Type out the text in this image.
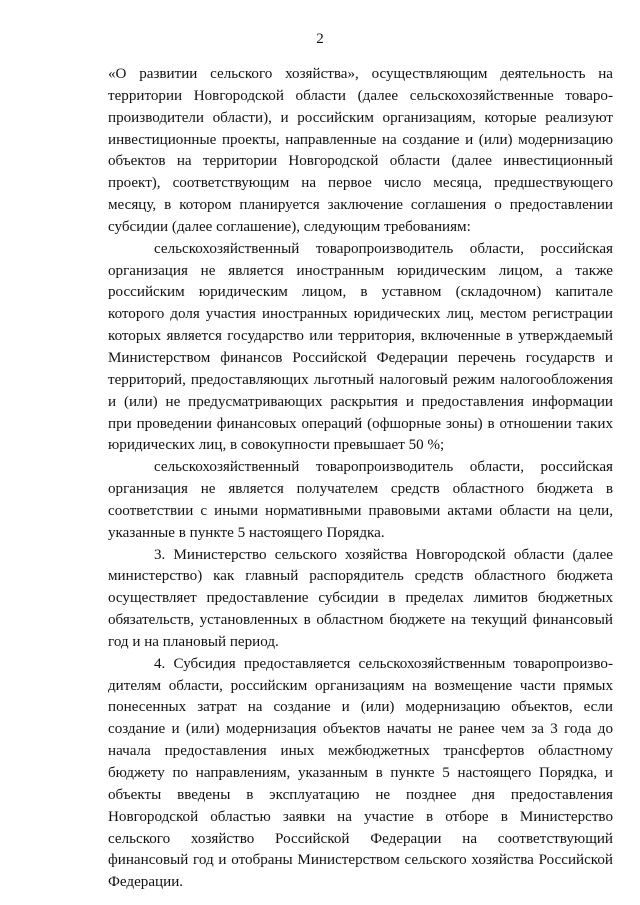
2
«О развитии сельского хозяйства», осуществляющим деятельность на
территории Новгородской области (далее сельскохозяйственные товаро-
производители области), и российским организациям, которые реализуют
инвестиционные проекты, направленные на создание и (или) модернизацию
объектов на территории Новгородской области (далее инвестиционный
проект), соответствующим на первое число месяца, предшествующего
месяцу, в котором планируется заключение соглашения о предоставлении
субсидии (далее соглашение), следующим требованиям:
сельскохозяйственный товаропроизводитель области, российская
организация не является иностранным юридическим лицом, а также
российским юридическим лицом, в уставном (складочном) капитале
которого доля участия иностранных юридических лиц, местом регистрации
которых является государство или территория, включенные в утверждаемый
Министерством финансов Российской Федерации перечень государств и
территорий, предоставляющих льготный налоговый режим налогообложения
и (или) не предусматривающих раскрытия и предоставления информации
при проведении финансовых операций (офшорные зоны) в отношении таких
юридических лиц, в совокупности превышает 50 %;
сельскохозяйственный товаропроизводитель области, российская
организация не является получателем средств областного бюджета в
соответствии с иными нормативными правовыми актами области на цели,
указанные в пункте 5 настоящего Порядка.
3. Министерство сельского хозяйства Новгородской области (далее
министерство) как главный распорядитель средств областного бюджета
осуществляет предоставление субсидии в пределах лимитов бюджетных
обязательств, установленных в областном бюджете на текущий финансовый
год и на плановый период.
4. Субсидия предоставляется сельскохозяйственным товаропроизво-
дителям области, российским организациям на возмещение части прямых
понесенных затрат на создание и (или) модернизацию объектов, если
создание и (или) модернизация объектов начаты не ранее чем за 3 года до
начала предоставления иных межбюджетных трансфертов областному
бюджету по направлениям, указанным в пункте 5 настоящего Порядка, и
объекты введены в эксплуатацию не позднее дня предоставления
Новгородской областью заявки на участие в отборе в Министерство
сельского хозяйство Российской Федерации на соответствующий
финансовый год и отобраны Министерством сельского хозяйства Российской
Федерации.
